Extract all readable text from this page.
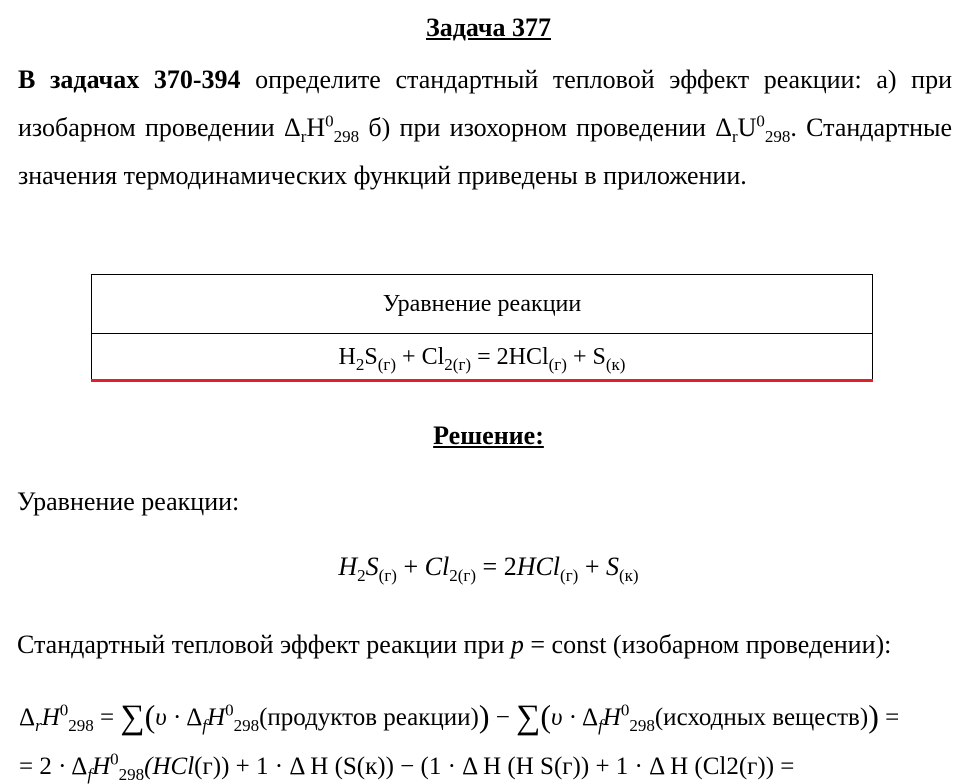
Задача 377
В задачах 370-394 определите стандартный тепловой эффект реакции: а) при изобарном проведении $\Delta_rH^0_{298}$ б) при изохорном проведении $\Delta_rU^0_{298}$. Стандартные значения термодинамических функций приведены в приложении.
Уравнение реакции
$H_2S_{(г)} + Cl_{2(г)} = 2HCl_{(г)} + S_{(к)}$
Решение:
Уравнение реакции:
$H_2S_{(г)} + Cl_{2(г)} = 2HCl_{(г)} + S_{(к)}$
Стандартный тепловой эффект реакции при p = const (изобарном проведении):
$\Delta_rH^0_{298} = \sum(\upsilon$ · $\Delta_fH^0_{298}(продуктов$ реакции)) − $\sum(\upsilon \cdot \Delta_fH^0_{298}(исходных$ веществ)) =
= $2 \cdot \Delta_fH^0_{298}(HCl(г)) + 1 \cdot \Delta$ H (S(к)) − (1 · Δ H (H S(г)) + 1 · Δ H (Cl2(г)) =
